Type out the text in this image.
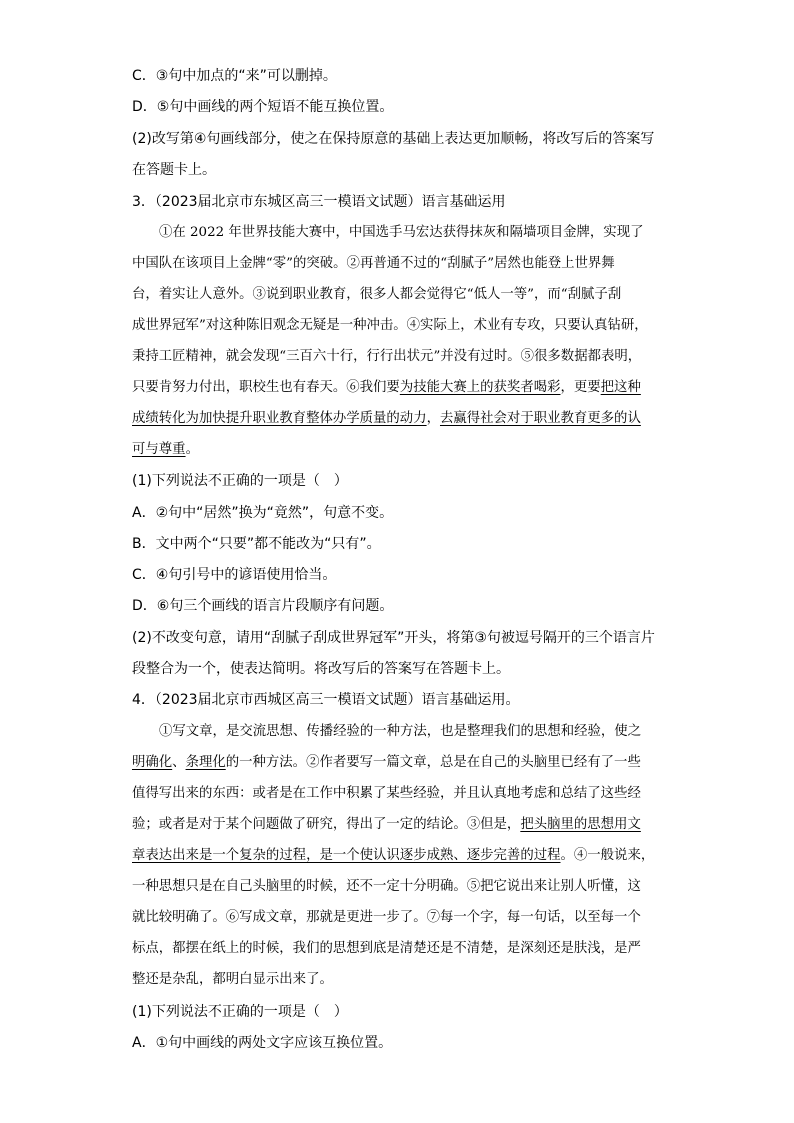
C．③句中加点的“来”可以删掉。
D．⑤句中画线的两个短语不能互换位置。
(2)改写第④句画线部分，使之在保持原意的基础上表达更加顺畅，将改写后的答案写
在答题卡上。
3．（2023届北京市东城区高三一模语文试题）语言基础运用
①在 2022 年世界技能大赛中，中国选手马宏达获得抹灰和隔墙项目金牌，实现了
中国队在该项目上金牌“零”的突破。②再普通不过的“刮腻子”居然也能登上世界舞
台，着实让人意外。③说到职业教育，很多人都会觉得它“低人一等”，而“刮腻子刮
成世界冠军”对这种陈旧观念无疑是一种冲击。④实际上，术业有专攻，只要认真钻研，
秉持工匠精神，就会发现“三百六十行，行行出状元”并没有过时。⑤很多数据都表明，
只要肯努力付出，职校生也有春天。⑥我们要为技能大赛上的获奖者喝彩，更要把这种
成绩转化为加快提升职业教育整体办学质量的动力，去赢得社会对于职业教育更多的认
可与尊重。
(1)下列说法不正确的一项是（　）
A．②句中“居然”换为“竟然”，句意不变。
B．文中两个“只要”都不能改为“只有”。
C．④句引号中的谚语使用恰当。
D．⑥句三个画线的语言片段顺序有问题。
(2)不改变句意，请用“刮腻子刮成世界冠军”开头，将第③句被逗号隔开的三个语言片
段整合为一个，使表达简明。将改写后的答案写在答题卡上。
4．（2023届北京市西城区高三一模语文试题）语言基础运用。
①写文章，是交流思想、传播经验的一种方法，也是整理我们的思想和经验，使之
明确化、条理化的一种方法。②作者要写一篇文章，总是在自己的头脑里已经有了一些
值得写出来的东西：或者是在工作中积累了某些经验，并且认真地考虑和总结了这些经
验；或者是对于某个问题做了研究，得出了一定的结论。③但是，把头脑里的思想用文
章表达出来是一个复杂的过程，是一个使认识逐步成熟、逐步完善的过程。④一般说来，
一种思想只是在自己头脑里的时候，还不一定十分明确。⑤把它说出来让别人听懂，这
就比较明确了。⑥写成文章，那就是更进一步了。⑦每一个字，每一句话，以至每一个
标点，都摆在纸上的时候，我们的思想到底是清楚还是不清楚，是深刻还是肤浅，是严
整还是杂乱，都明白显示出来了。
(1)下列说法不正确的一项是（　）
A．①句中画线的两处文字应该互换位置。
